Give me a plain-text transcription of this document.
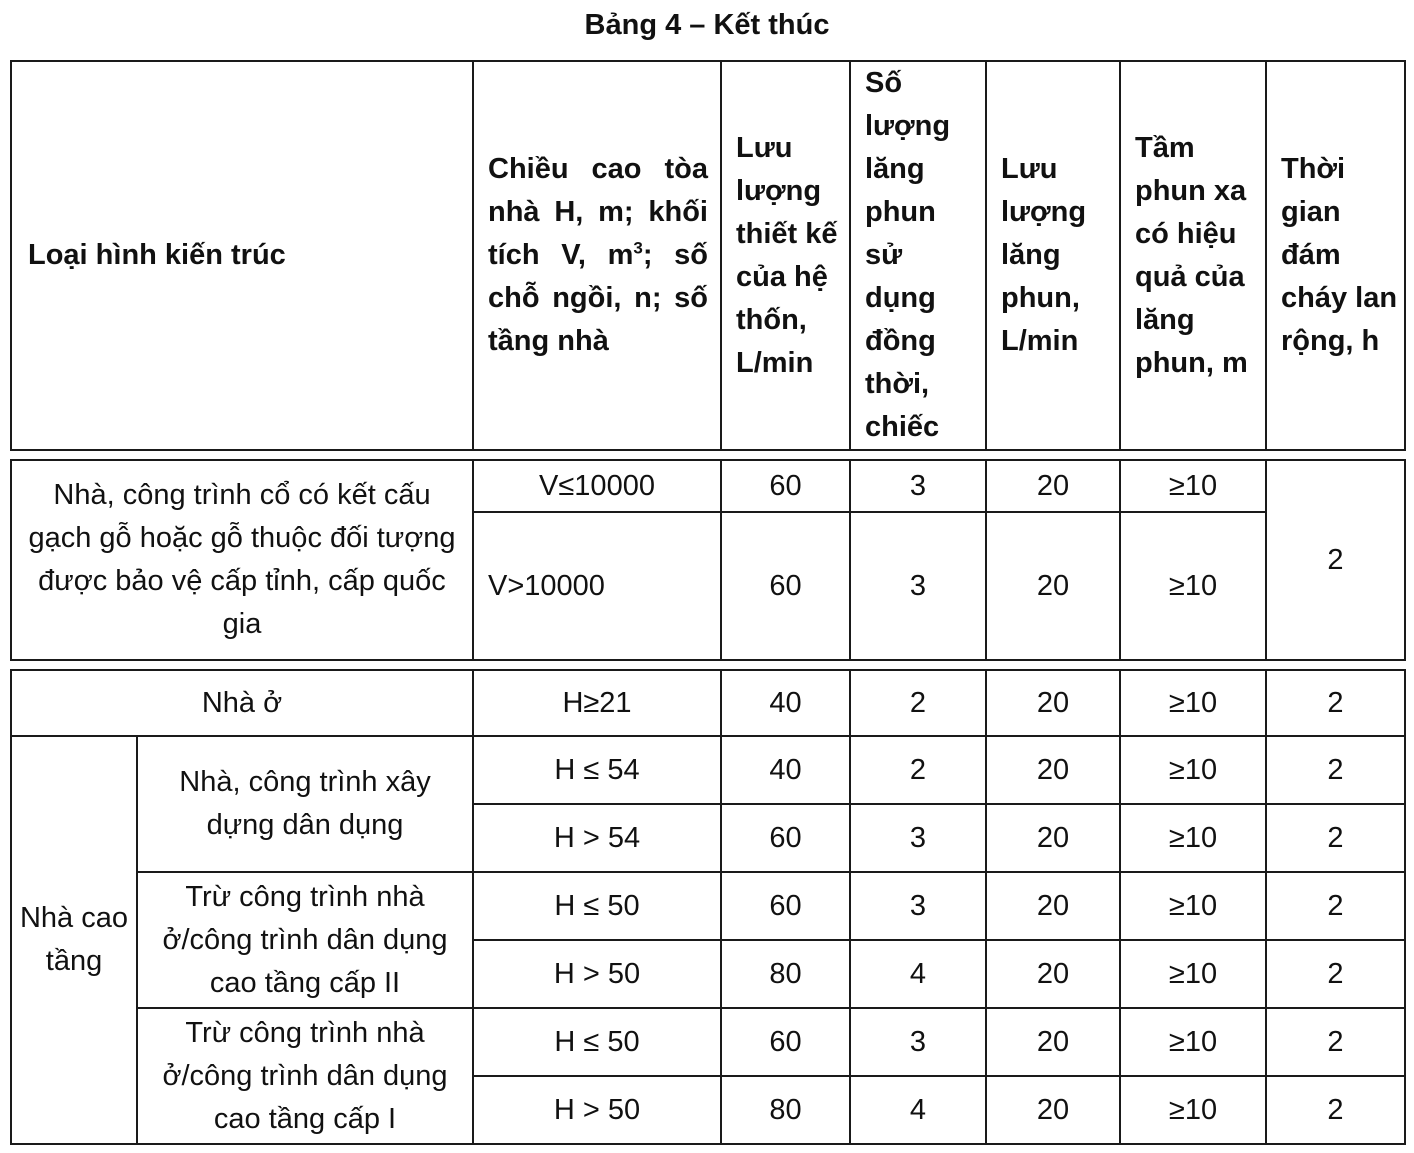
Bảng 4 – Kết thúc
Loại hình kiến trúc		Chiều cao tòa nhà H, m; khối tích V, $m^3$; số chỗ ngồi, n; số tầng nhà	Lưu lượng thiết kế của hệ thốn, L/min	Số lượng lăng phun sử dụng đồng thời, chiếc	Lưu lượng lăng phun, L/min	Tầm phun xa có hiệu quả của lăng phun, m	Thời gian đám cháy lan rộng, h

Nhà, công trình cổ có kết cấu gạch gỗ hoặc gỗ thuộc đối tượng được bảo vệ cấp tỉnh, cấp quốc gia		V≤10000	60	3	20	≥10	2
		V>10000	60	3	20	≥10	

Nhà ở		H≥21	40	2	20	≥10	2
Nhà cao tầng	Nhà, công trình xây dựng dân dụng	H ≤ 54	40	2	20	≥10	2
		H > 54	60	3	20	≥10	2
	Trừ công trình nhà ở/công trình dân dụng cao tầng cấp II	H ≤ 50	60	3	20	≥10	2
		H > 50	80	4	20	≥10	2
	Trừ công trình nhà ở/công trình dân dụng cao tầng cấp I	H ≤ 50	60	3	20	≥10	2
		H > 50	80	4	20	≥10	2
